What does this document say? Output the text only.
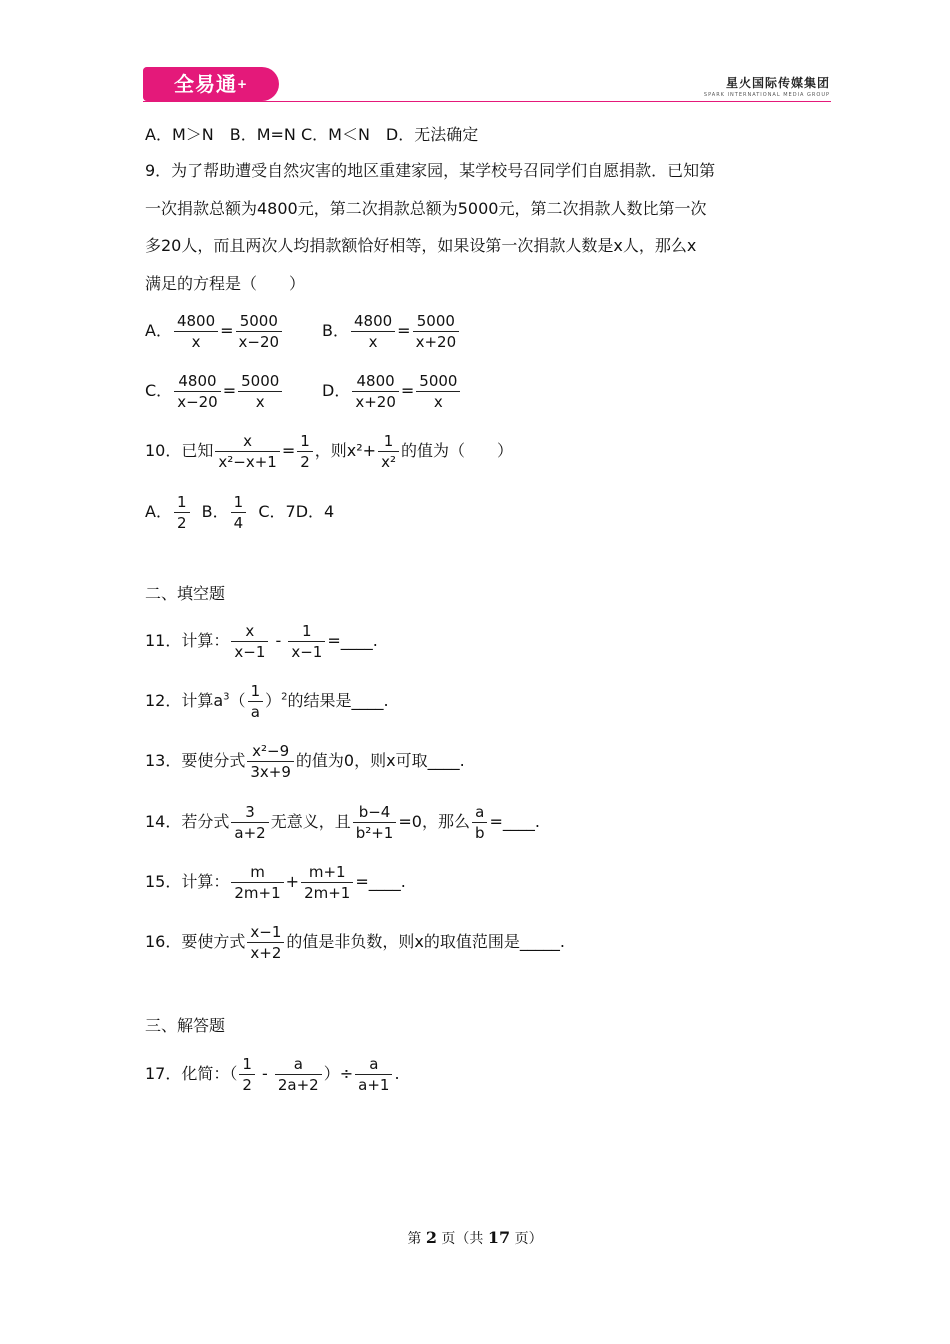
全易通+	星火国际传媒集团
SPARK INTERNATIONAL MEDIA GROUP
A．M＞N　B．M=N C．M＜N　D．无法确定
9．为了帮助遭受自然灾害的地区重建家园，某学校号召同学们自愿捐款．已知第
一次捐款总额为4800元，第二次捐款总额为5000元，第二次捐款人数比第一次
多20人，而且两次人均捐款额恰好相等，如果设第一次捐款人数是x人，那么x
满足的方程是（　　）
A． $\frac{4800}{x} = \frac{5000}{x-20}$ B． $\frac{4800}{x} = \frac{5000}{x+20}$
C． $\frac{4800}{x-20} = \frac{5000}{x}$ D． $\frac{4800}{x+20} = \frac{5000}{x}$
10．已知 $\frac{x}{\text{x²−x+1}} = \frac{1}{2}$ ，则$x^2+ \frac{1}{\text{x²}}$ 的值为（　　）
A． $\frac{1}{2}$ B． $\frac{1}{4}$ C．7D．4
二、填空题
11．计算： $\frac{x}{x-1} - \frac{1}{x-1}$ =____.
12．计算$a^3( \frac{1}{a} )^2$的结果是____.
13．要使分式 $\frac{\text{x²−9}}{3x+9}$ 的值为0，则x可取____.
14．若分式 $\frac{3}{a+2}$ 无意义，且 $\frac{b-4}{\text{b²+1}} =0$，那么 $\frac{a}{b}$ =____.
15．计算： $\frac{m}{2m+1} + \frac{m+1}{2m+1}$ =____.
16．要使方式 $\frac{x-1}{x+2}$ 的值是非负数，则x的取值范围是_____.
三、解答题
17．化简：（ $\frac{1}{2} - \frac{a}{2a+2}$ ）÷ $\frac{a}{a+1}$ .
第 2 页（共 17 页）
